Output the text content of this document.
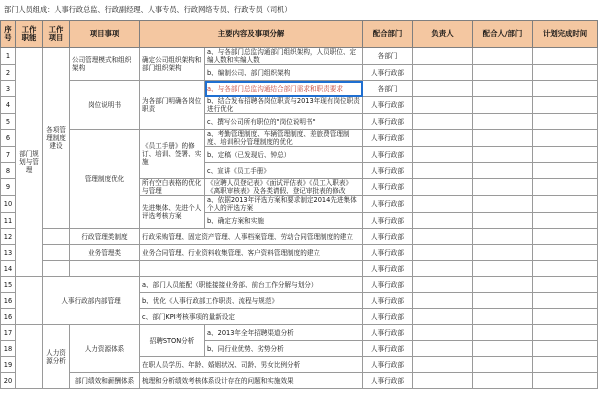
部门人员组成：人事行政总监、行政副经理、人事专员、行政网络专员、行政专员（司机）
序号	工作职能	工作项目	项目事项	主要内容及事项分解		配合部门	负责人	配合人/部门	计划完成时间
1	部门规划与管理	各项管理制度建设	公司管理模式和组织架构	确定公司组织架构和部门组织架构	a、与各部门总监沟通部门组织架构，人员职位、定编人数和实编人数	各部门			
2					b、编制公司、部门组织架构	人事行政部			
3			岗位说明书	为各部门明确各岗位职责	a、与各部门总监沟通结合部门需求和职责要求	各部门			
4					b、结合发布招聘各岗位职责与2013年现有岗位职责进行优化	人事行政部			
5					c、撰写公司所有职位的"岗位说明书"	人事行政部			
6			管理制度优化	《员工手册》的修订、培训、签署、实施	a、考勤管理制度、车辆管理制度、差旅费管理制度、培训积分管理制度的优化	人事行政部			
7					b、定稿（已发现后、钟总）	人事行政部			
8					c、宣讲《员工手册》	人事行政部			
9				所有空白表格的优化与管理	《应聘人员登记表》《面试评估表》《员工入职表》《离职审核表》及各类请假、登记审批表的修改	人事行政部			
10				先进集体、先进个人评选考核方案	a、依据2013年评选方案和要求制定2014先进集体个人的评选方案	人事行政部			
11					b、确定方案和实施	人事行政部			
12			行政管理类制度	行政采购管理、固定资产管理、人事档案管理、劳动合同管理制度的建立		人事行政部			
13			业务管理类	业务合同管理、行业资料收集管理、客户资料管理制度的建立		人事行政部			
14						人事行政部			
15		人事行政部内部管理		a、部门人员能配（职能接接业务部、前台工作分解与划分）		人事行政部			
16				b、优化《人事行政部工作职责、流程与规范》		人事行政部			
16				c、部门KPI考核事项的量新设定		人事行政部			
17		人力资源分析	人力资源体系	招聘STON分析	a、2013年全年招聘渠道分析	人事行政部			
18					b、同行业优势、劣势分析	人事行政部			
19				在职人员学历、年龄、婚姻状况、司龄、男女比例分析		人事行政部			
20			部门绩效和薪酬体系	梳理和分析绩效考核体系设计存在的问题和实施效果		人事行政部			
